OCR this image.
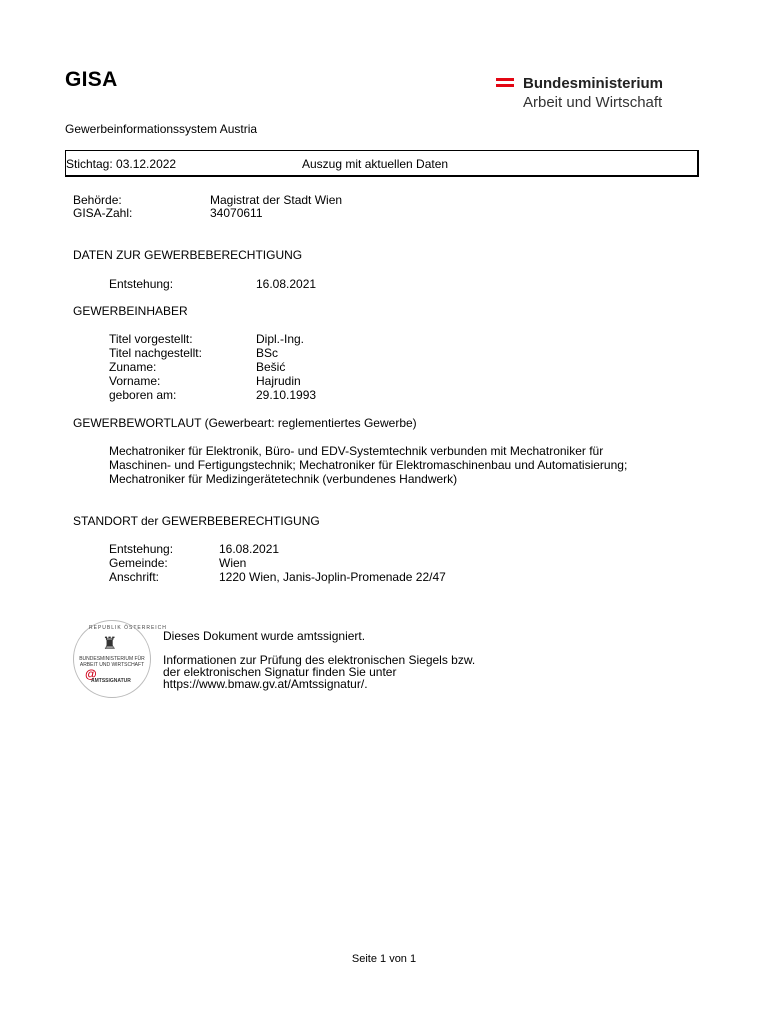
GISA
Gewerbeinformationssystem Austria
Bundesministerium
Arbeit und Wirtschaft
Stichtag: 03.12.2022	Auszug mit aktuellen Daten
Behörde:	Magistrat der Stadt Wien
GISA-Zahl:	34070611
DATEN ZUR GEWERBEBERECHTIGUNG
Entstehung:	16.08.2021
GEWERBEINHABER
Titel vorgestellt:	Dipl.-Ing.
Titel nachgestellt:	BSc
Zuname:	Bešić
Vorname:	Hajrudin
geboren am:	29.10.1993
GEWERBEWORTLAUT (Gewerbeart: reglementiertes Gewerbe)
Mechatroniker für Elektronik, Büro- und EDV-Systemtechnik verbunden mit Mechatroniker für
Maschinen- und Fertigungstechnik; Mechatroniker für Elektromaschinenbau und Automatisierung;
Mechatroniker für Medizingerätetechnik (verbundenes Handwerk)
STANDORT der GEWERBEBERECHTIGUNG
Entstehung:	16.08.2021
Gemeinde:	Wien
Anschrift:	1220 Wien, Janis-Joplin-Promenade 22/47
REPUBLIK ÖSTERREICH
♜
BUNDESMINISTERIUM FÜR ARBEIT UND WIRTSCHAFT
@
AMTSSIGNATUR
Dieses Dokument wurde amtssigniert.
Informationen zur Prüfung des elektronischen Siegels bzw.
der elektronischen Signatur finden Sie unter
https://www.bmaw.gv.at/Amtssignatur/.
Seite 1 von 1
